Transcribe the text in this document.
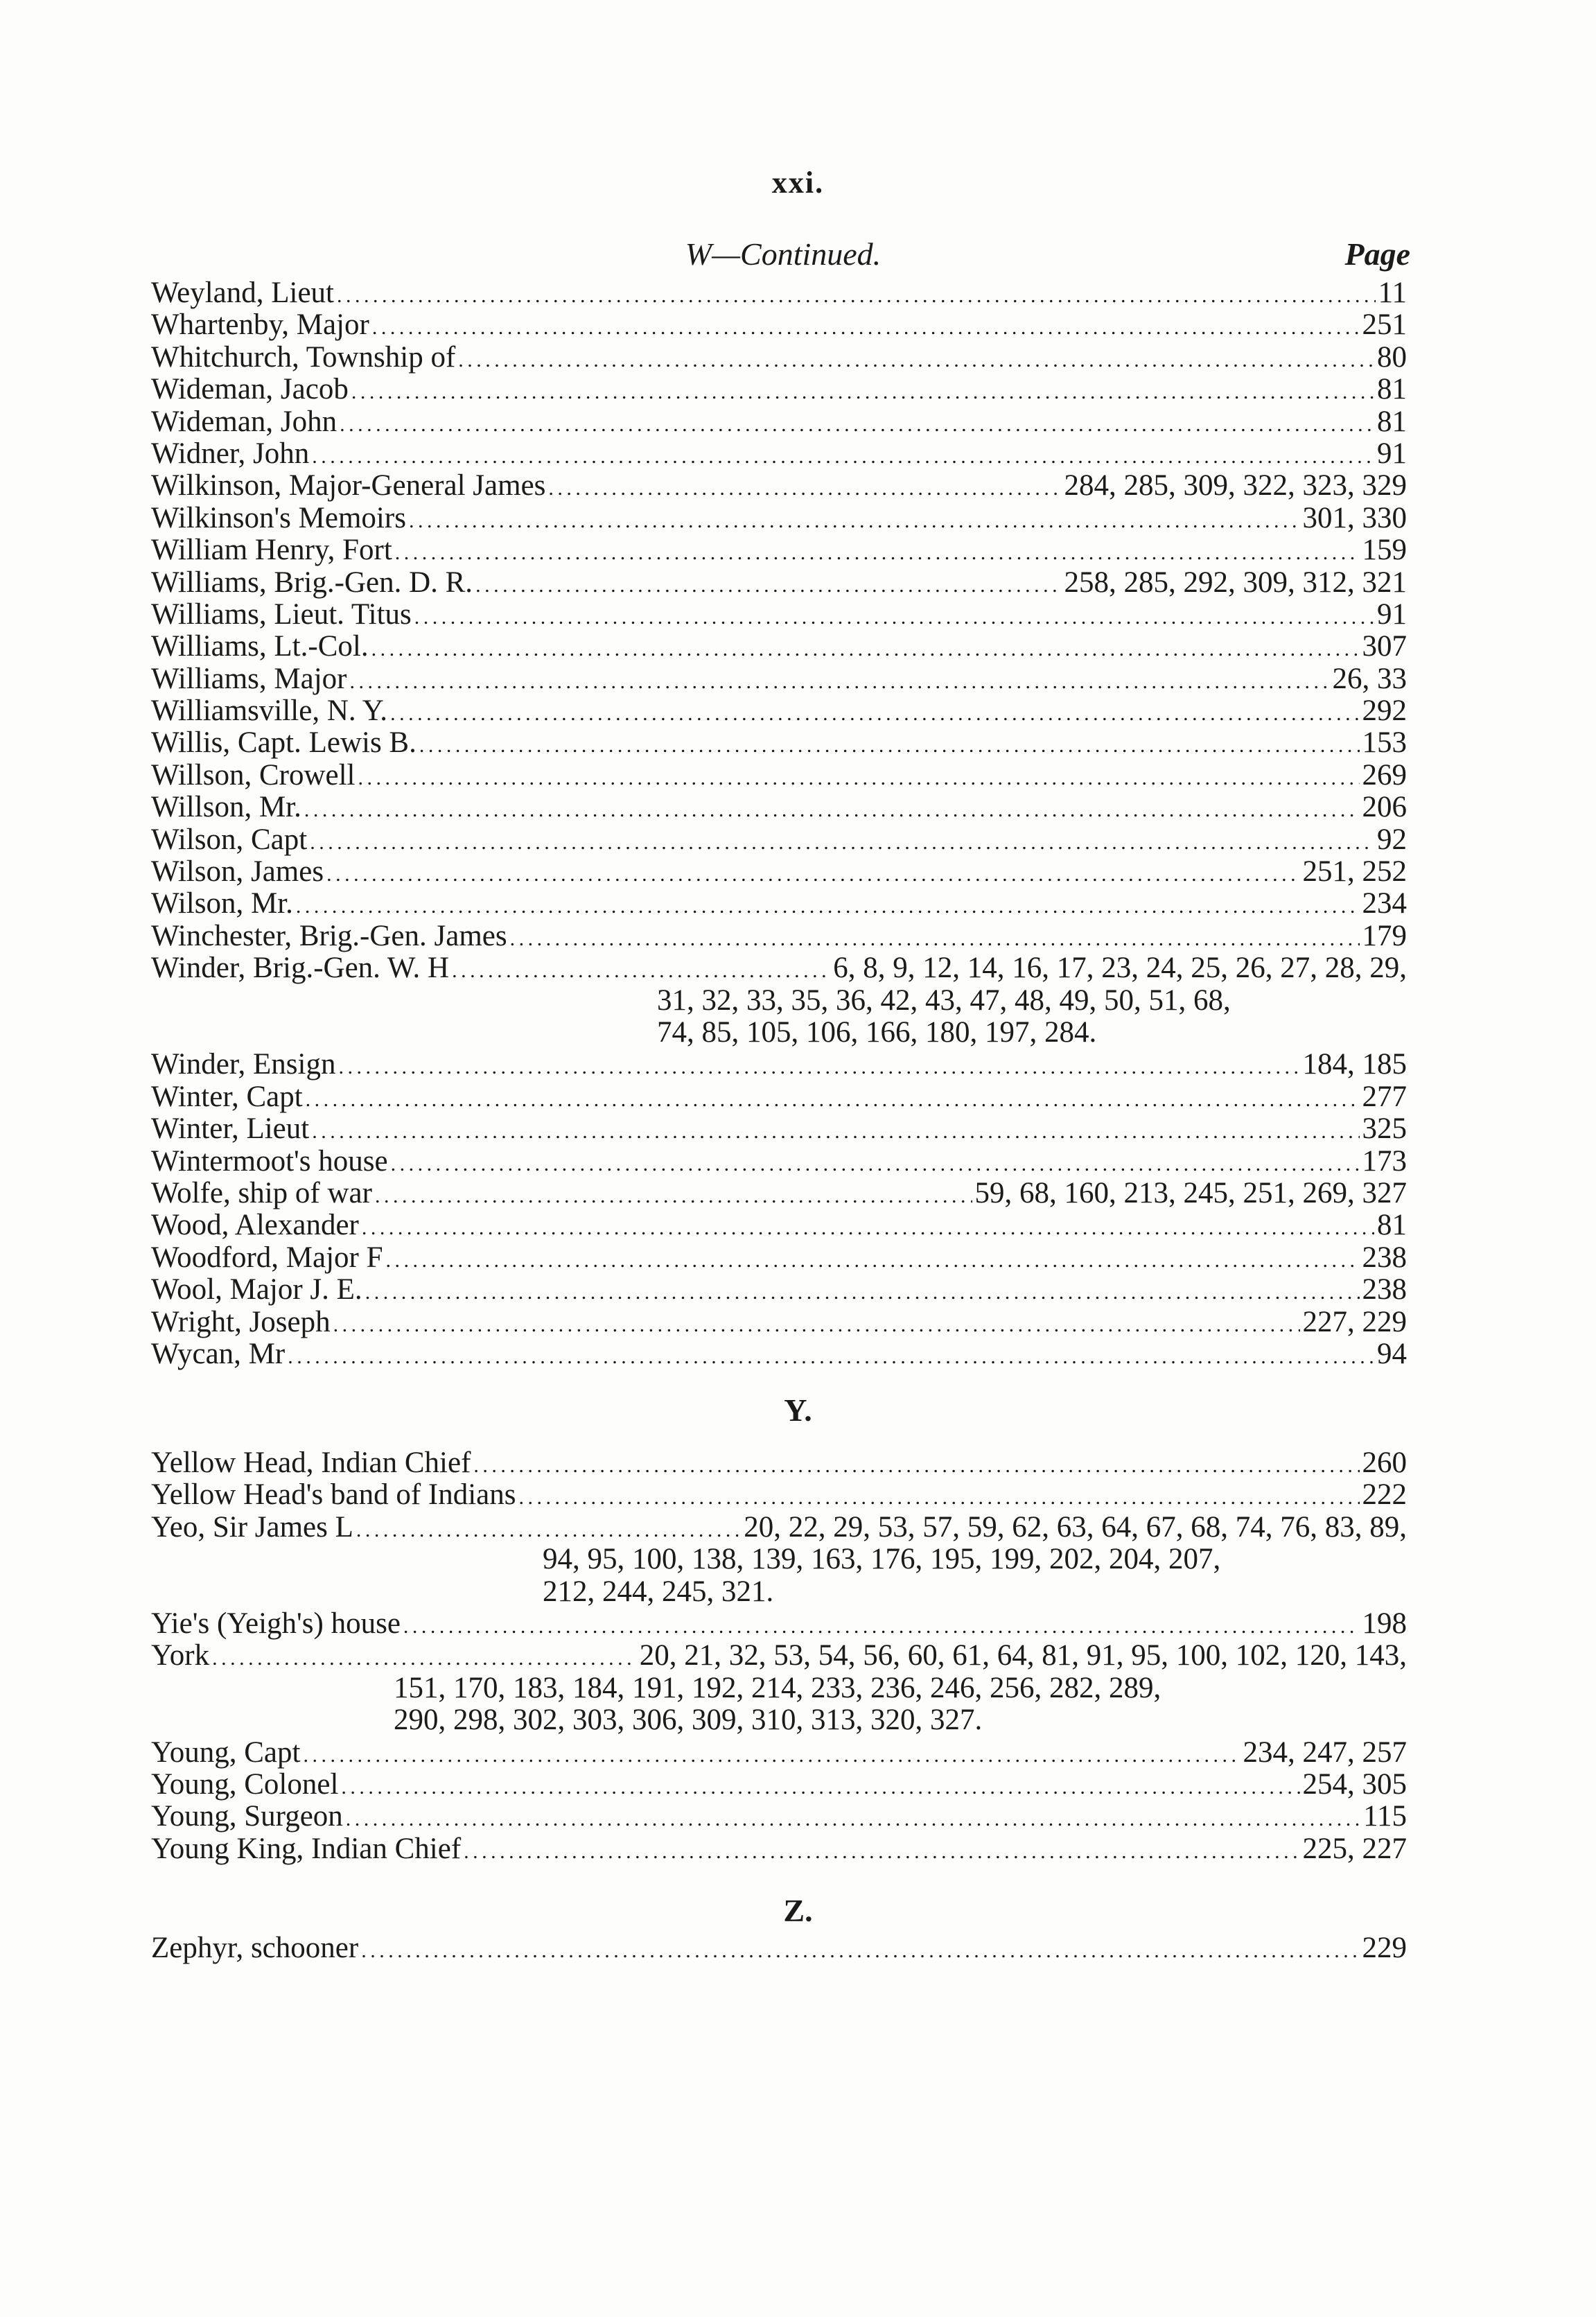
xxi.
W—Continued.	Page
Weyland, Lieut . . .	11
Whartenby, Major . . .	251
Whitchurch, Township of . . .	80
Wideman, Jacob . . .	81
Wideman, John . . .	81
Widner, John . . .	91
Wilkinson, Major-General James . . .	284, 285, 309, 322, 323, 329
Wilkinson's Memoirs . . .	301, 330
William Henry, Fort . . .	159
Williams, Brig.-Gen. D. R. . . .	258, 285, 292, 309, 312, 321
Williams, Lieut. Titus . . .	91
Williams, Lt.-Col. . . .	307
Williams, Major . . .	26, 33
Williamsville, N. Y. . . .	292
Willis, Capt. Lewis B. . . .	153
Willson, Crowell . . .	269
Willson, Mr. . . .	206
Wilson, Capt . . .	92
Wilson, James . . .	251, 252
Wilson, Mr. . . .	234
Winchester, Brig.-Gen. James . . .	179
Winder, Brig.-Gen. W. H . . .	6, 8, 9, 12, 14, 16, 17, 23, 24, 25, 26, 27, 28, 29,
31, 32, 33, 35, 36, 42, 43, 47, 48, 49, 50, 51, 68,
74, 85, 105, 106, 166, 180, 197, 284.
Winder, Ensign . . .	184, 185
Winter, Capt . . .	277
Winter, Lieut . . .	325
Wintermoot's house . . .	173
Wolfe, ship of war . . .	59, 68, 160, 213, 245, 251, 269, 327
Wood, Alexander . . .	81
Woodford, Major F . . .	238
Wool, Major J. E. . . .	238
Wright, Joseph . . .	227, 229
Wycan, Mr . . .	94
Y.
Yellow Head, Indian Chief . . .	260
Yellow Head's band of Indians . . .	222
Yeo, Sir James L . . .	20, 22, 29, 53, 57, 59, 62, 63, 64, 67, 68, 74, 76, 83, 89,
94, 95, 100, 138, 139, 163, 176, 195, 199, 202, 204, 207,
212, 244, 245, 321.
Yie's (Yeigh's) house . . .	198
York . . .	20, 21, 32, 53, 54, 56, 60, 61, 64, 81, 91, 95, 100, 102, 120, 143,
151, 170, 183, 184, 191, 192, 214, 233, 236, 246, 256, 282, 289,
290, 298, 302, 303, 306, 309, 310, 313, 320, 327.
Young, Capt . . .	234, 247, 257
Young, Colonel . . .	254, 305
Young, Surgeon . . .	115
Young King, Indian Chief . . .	225, 227
Z.
Zephyr, schooner . . .	229
